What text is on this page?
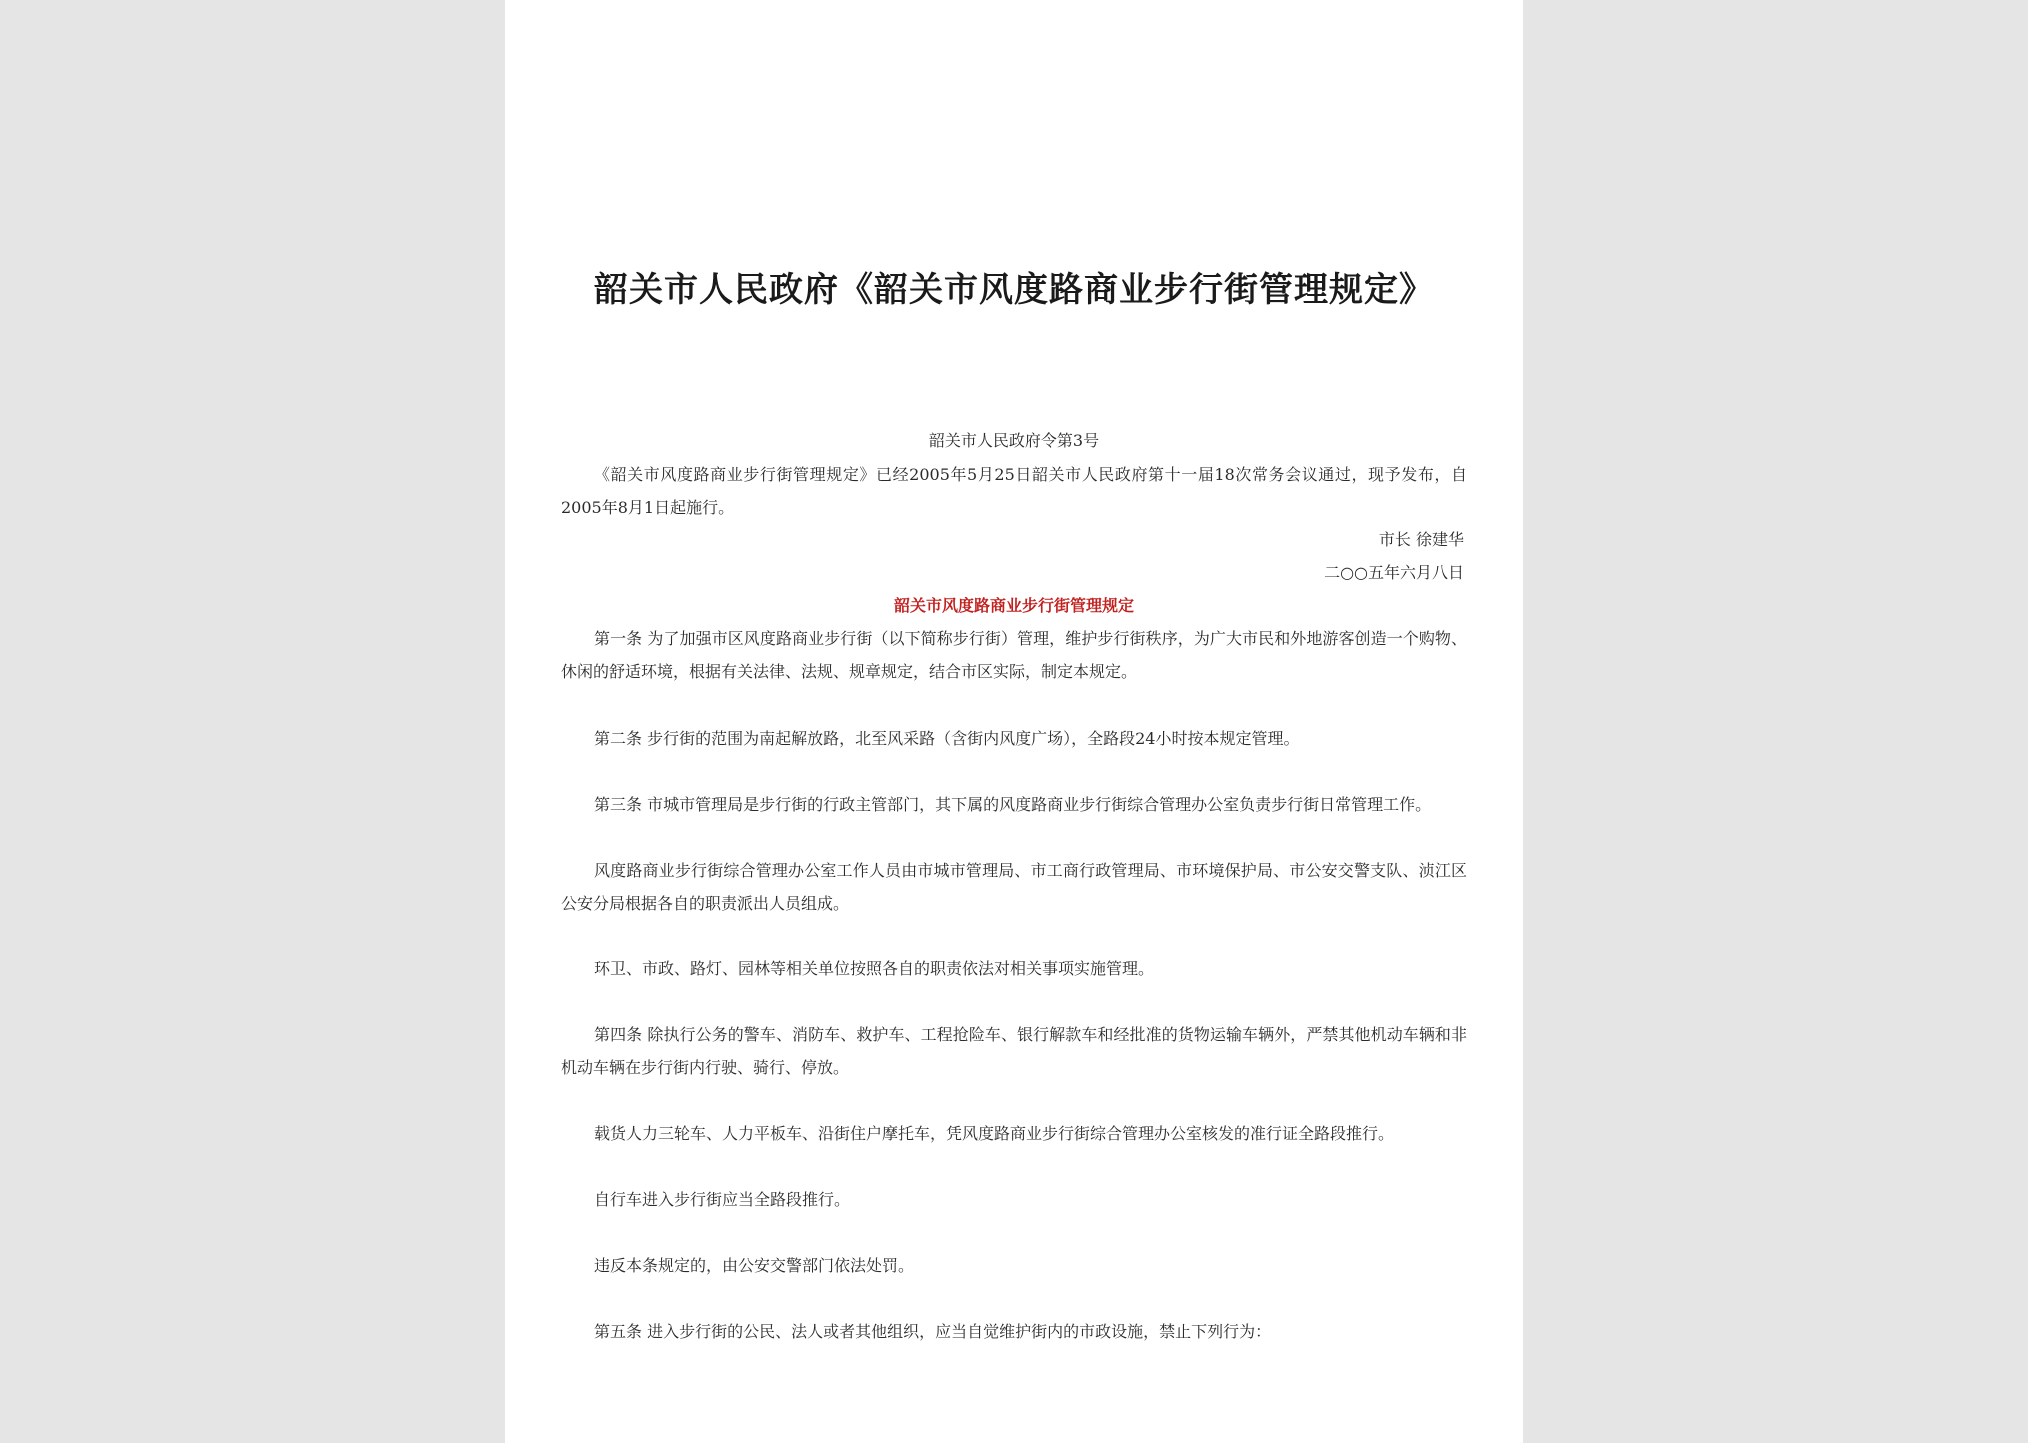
韶关市人民政府《韶关市风度路商业步行街管理规定》

韶关市人民政府令第3号

《韶关市风度路商业步行街管理规定》已经2005年5月25日韶关市人民政府第十一届18次常务会议通过，现予发布，自2005年8月1日起施行。

市长 徐建华

二○○五年六月八日

韶关市风度路商业步行街管理规定

第一条 为了加强市区风度路商业步行街（以下简称步行街）管理，维护步行街秩序，为广大市民和外地游客创造一个购物、休闲的舒适环境，根据有关法律、法规、规章规定，结合市区实际，制定本规定。

第二条 步行街的范围为南起解放路，北至风采路（含街内风度广场），全路段24小时按本规定管理。

第三条 市城市管理局是步行街的行政主管部门，其下属的风度路商业步行街综合管理办公室负责步行街日常管理工作。

风度路商业步行街综合管理办公室工作人员由市城市管理局、市工商行政管理局、市环境保护局、市公安交警支队、浈江区公安分局根据各自的职责派出人员组成。

环卫、市政、路灯、园林等相关单位按照各自的职责依法对相关事项实施管理。

第四条 除执行公务的警车、消防车、救护车、工程抢险车、银行解款车和经批准的货物运输车辆外，严禁其他机动车辆和非机动车辆在步行街内行驶、骑行、停放。

载货人力三轮车、人力平板车、沿街住户摩托车，凭风度路商业步行街综合管理办公室核发的准行证全路段推行。

自行车进入步行街应当全路段推行。

违反本条规定的，由公安交警部门依法处罚。

第五条 进入步行街的公民、法人或者其他组织，应当自觉维护街内的市政设施，禁止下列行为：
